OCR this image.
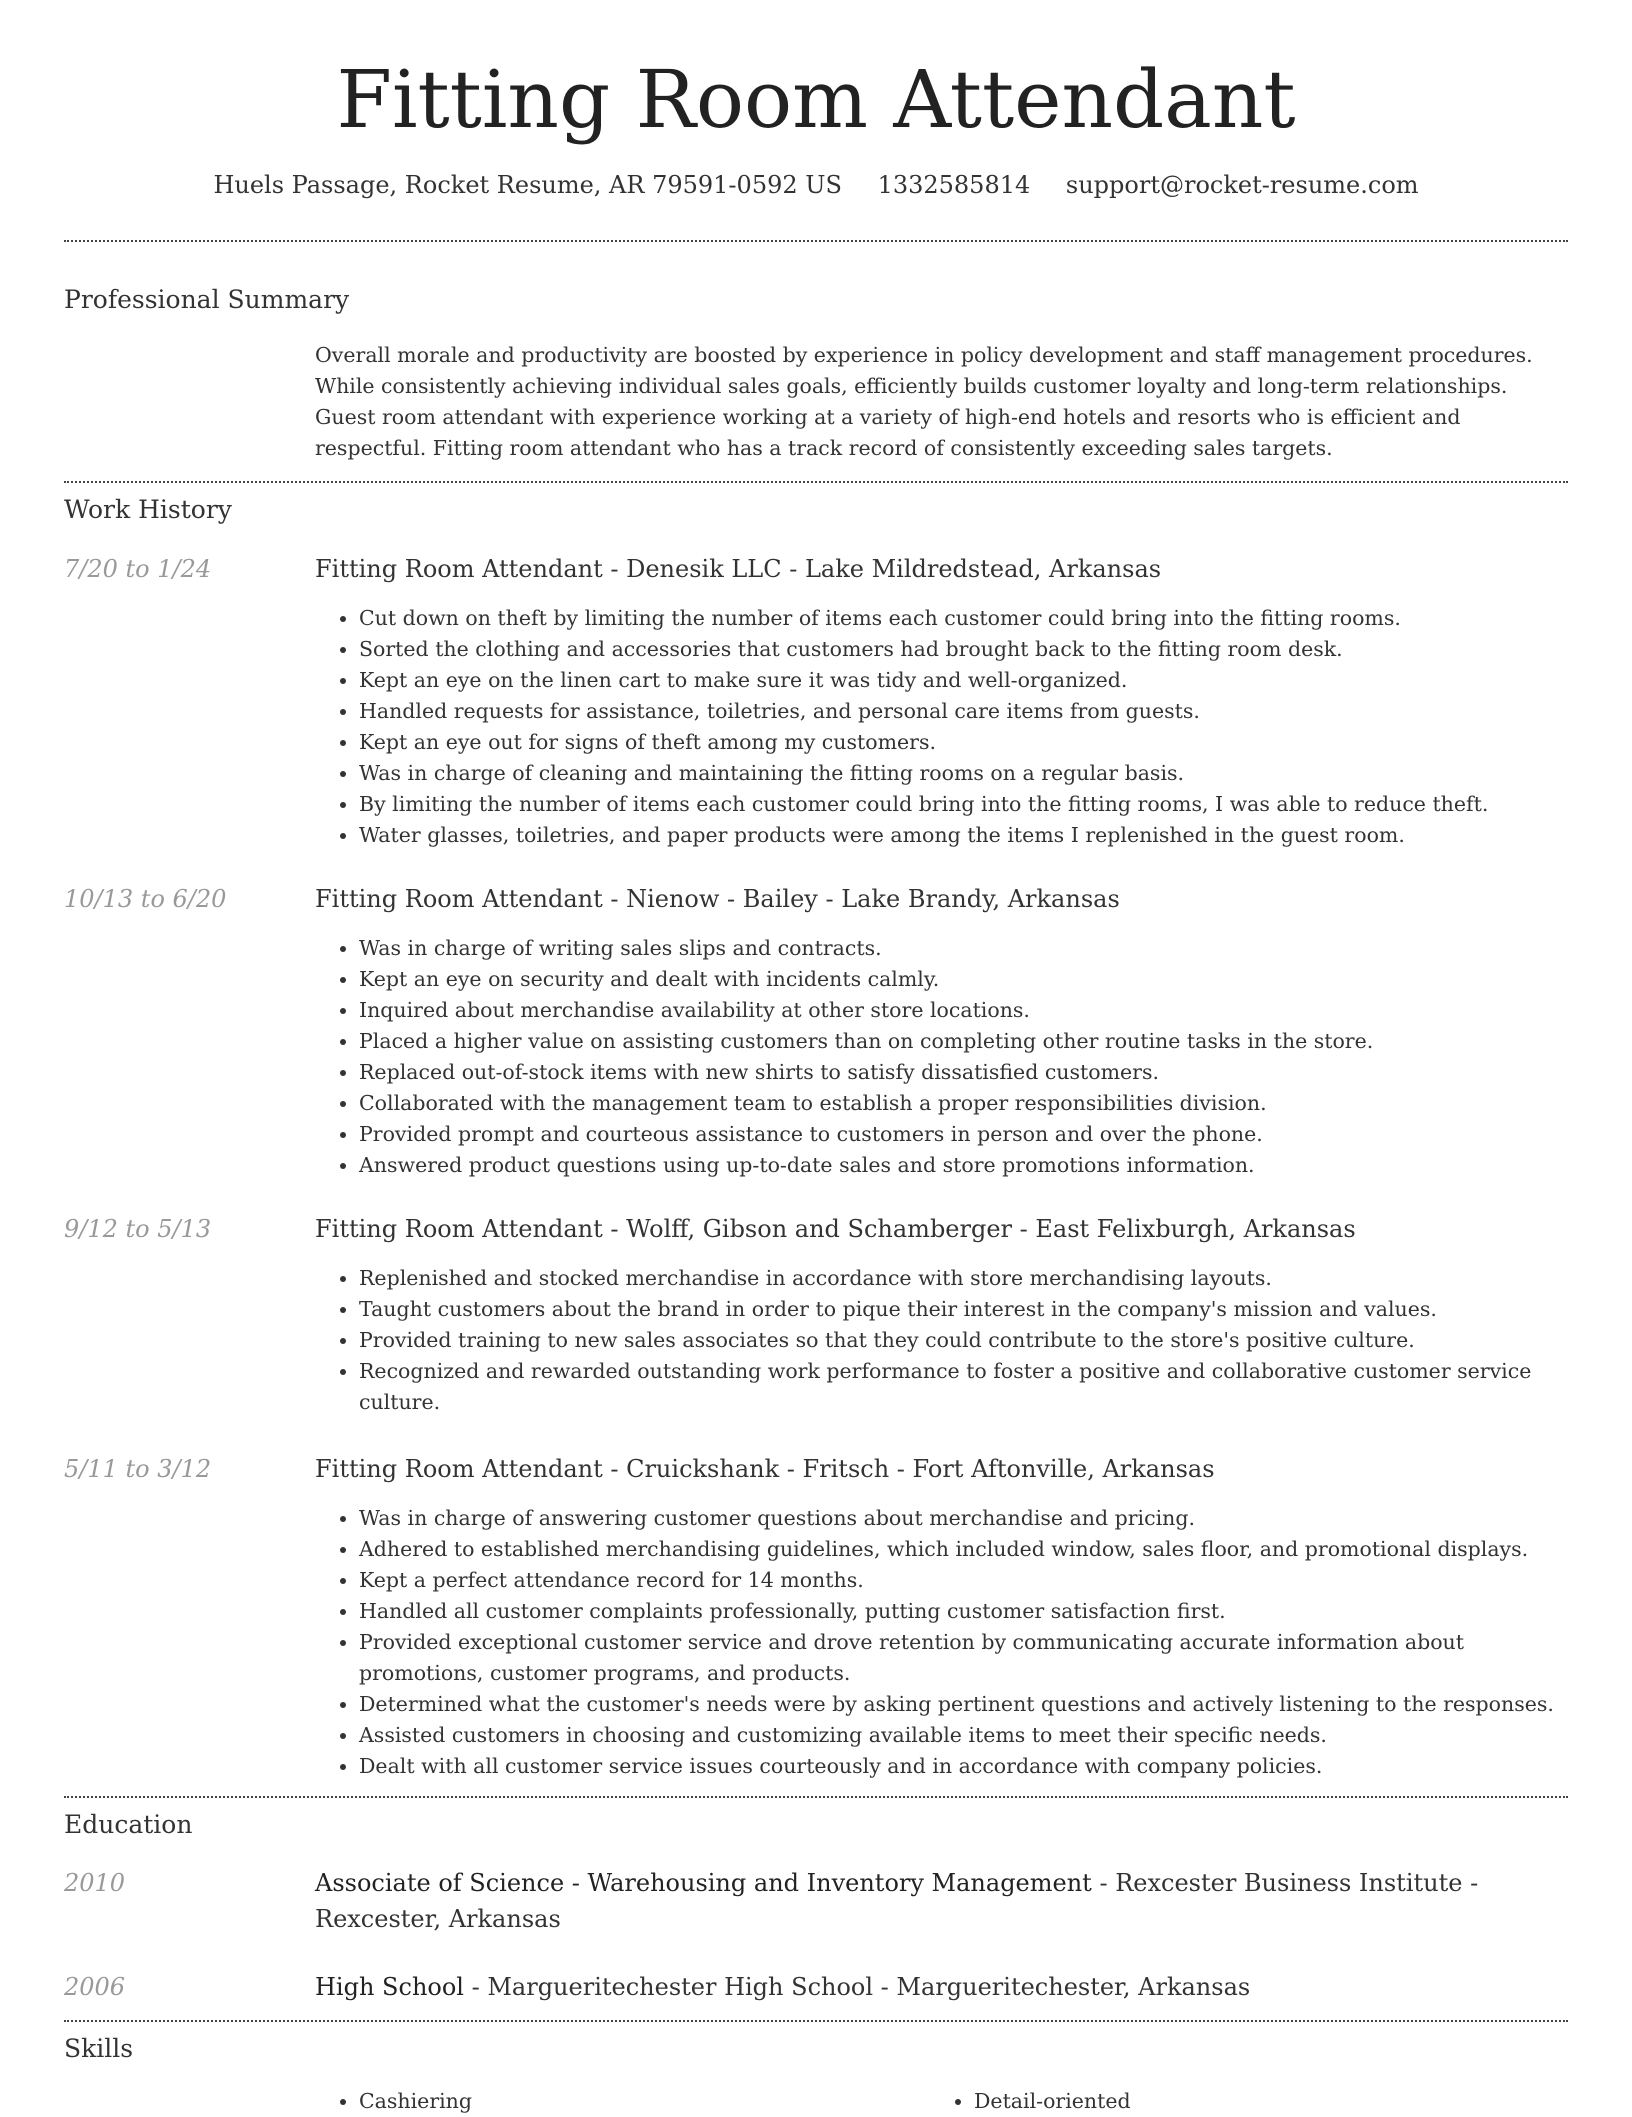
Fitting Room Attendant
Huels Passage, Rocket Resume, AR 79591-0592 US 1332585814 support@rocket-resume.com
Professional Summary
Overall morale and productivity are boosted by experience in policy development and staff management procedures. While consistently achieving individual sales goals, efficiently builds customer loyalty and long-term relationships. Guest room attendant with experience working at a variety of high-end hotels and resorts who is efficient and respectful. Fitting room attendant who has a track record of consistently exceeding sales targets.
Work History
7/20 to 1/24	Fitting Room Attendant - Denesik LLC - Lake Mildredstead, Arkansas
• Cut down on theft by limiting the number of items each customer could bring into the fitting rooms.
• Sorted the clothing and accessories that customers had brought back to the fitting room desk.
• Kept an eye on the linen cart to make sure it was tidy and well-organized.
• Handled requests for assistance, toiletries, and personal care items from guests.
• Kept an eye out for signs of theft among my customers.
• Was in charge of cleaning and maintaining the fitting rooms on a regular basis.
• By limiting the number of items each customer could bring into the fitting rooms, I was able to reduce theft.
• Water glasses, toiletries, and paper products were among the items I replenished in the guest room.
10/13 to 6/20	Fitting Room Attendant - Nienow - Bailey - Lake Brandy, Arkansas
• Was in charge of writing sales slips and contracts.
• Kept an eye on security and dealt with incidents calmly.
• Inquired about merchandise availability at other store locations.
• Placed a higher value on assisting customers than on completing other routine tasks in the store.
• Replaced out-of-stock items with new shirts to satisfy dissatisfied customers.
• Collaborated with the management team to establish a proper responsibilities division.
• Provided prompt and courteous assistance to customers in person and over the phone.
• Answered product questions using up-to-date sales and store promotions information.
9/12 to 5/13	Fitting Room Attendant - Wolff, Gibson and Schamberger - East Felixburgh, Arkansas
• Replenished and stocked merchandise in accordance with store merchandising layouts.
• Taught customers about the brand in order to pique their interest in the company's mission and values.
• Provided training to new sales associates so that they could contribute to the store's positive culture.
• Recognized and rewarded outstanding work performance to foster a positive and collaborative customer service culture.
5/11 to 3/12	Fitting Room Attendant - Cruickshank - Fritsch - Fort Aftonville, Arkansas
• Was in charge of answering customer questions about merchandise and pricing.
• Adhered to established merchandising guidelines, which included window, sales floor, and promotional displays.
• Kept a perfect attendance record for 14 months.
• Handled all customer complaints professionally, putting customer satisfaction first.
• Provided exceptional customer service and drove retention by communicating accurate information about promotions, customer programs, and products.
• Determined what the customer's needs were by asking pertinent questions and actively listening to the responses.
• Assisted customers in choosing and customizing available items to meet their specific needs.
• Dealt with all customer service issues courteously and in accordance with company policies.
Education
2010	Associate of Science - Warehousing and Inventory Management - Rexcester Business Institute - Rexcester, Arkansas
2006	High School - Margueritechester High School - Margueritechester, Arkansas
Skills
• Cashiering
•	Detail-oriented
